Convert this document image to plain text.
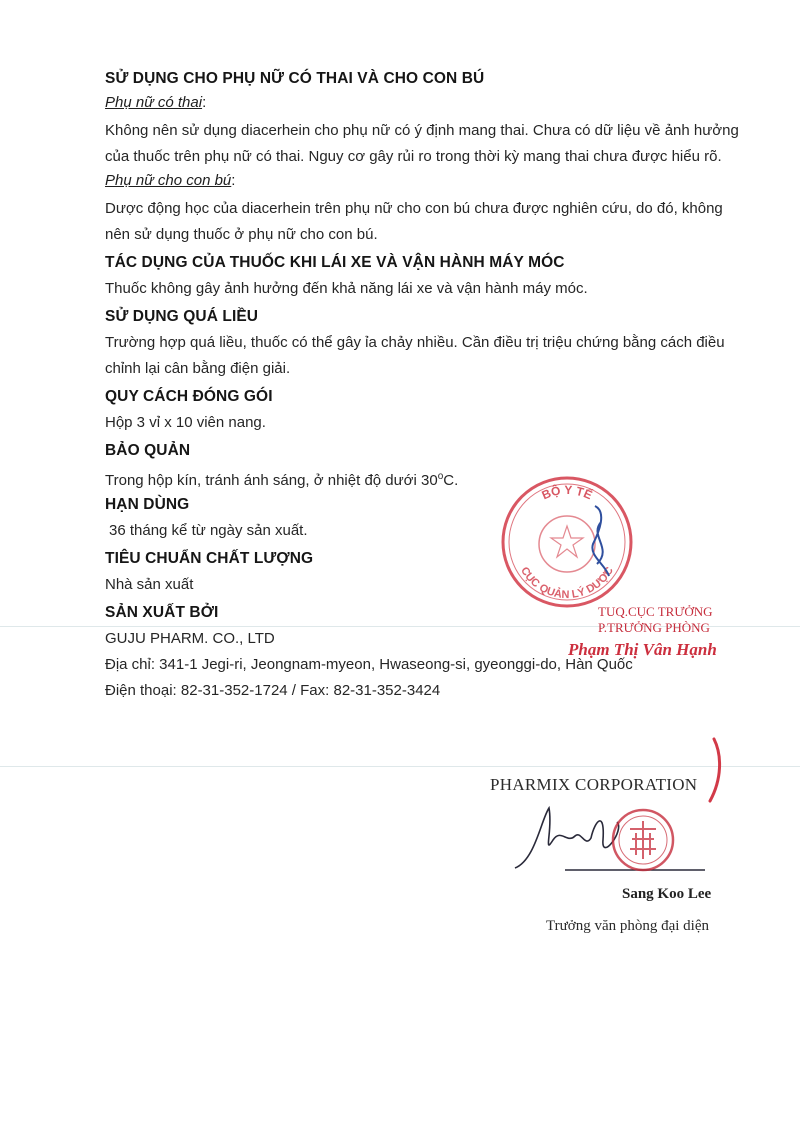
SỬ DỤNG CHO PHỤ NỮ CÓ THAI VÀ CHO CON BÚ
Phụ nữ có thai:
Không nên sử dụng diacerhein cho phụ nữ có ý định mang thai. Chưa có dữ liệu về ảnh hưởng của thuốc trên phụ nữ có thai. Nguy cơ gây rủi ro trong thời kỳ mang thai chưa được hiểu rõ.
Phụ nữ cho con bú:
Dược động học của diacerhein trên phụ nữ cho con bú chưa được nghiên cứu, do đó, không nên sử dụng thuốc ở phụ nữ cho con bú.
TÁC DỤNG CỦA THUỐC KHI LÁI XE VÀ VẬN HÀNH MÁY MÓC
Thuốc không gây ảnh hưởng đến khả năng lái xe và vận hành máy móc.
SỬ DỤNG QUÁ LIỀU
Trường hợp quá liều, thuốc có thể gây ỉa chảy nhiều. Cần điều trị triệu chứng bằng cách điều chỉnh lại cân bằng điện giải.
QUY CÁCH ĐÓNG GÓI
Hộp 3 vỉ x 10 viên nang.
BẢO QUẢN
Trong hộp kín, tránh ánh sáng, ở nhiệt độ dưới 30$^o$C.
HẠN DÙNG
36 tháng kể từ ngày sản xuất.
TIÊU CHUẨN CHẤT LƯỢNG
Nhà sản xuất
SẢN XUẤT BỞI
GUJU PHARM. CO., LTD
Địa chỉ: 341-1 Jegi-ri, Jeongnam-myeon, Hwaseong-si, gyeonggi-do, Hàn Quốc
Điện thoại: 82-31-352-1724 / Fax: 82-31-352-3424
BỘ Y TẾ
CỤC QUẢN LÝ DƯỢC
TUQ.CỤC TRƯỞNG
P.TRƯỞNG PHÒNG
Phạm Thị Vân Hạnh
PHARMIX CORPORATION
Sang Koo Lee
Trưởng văn phòng đại diện
